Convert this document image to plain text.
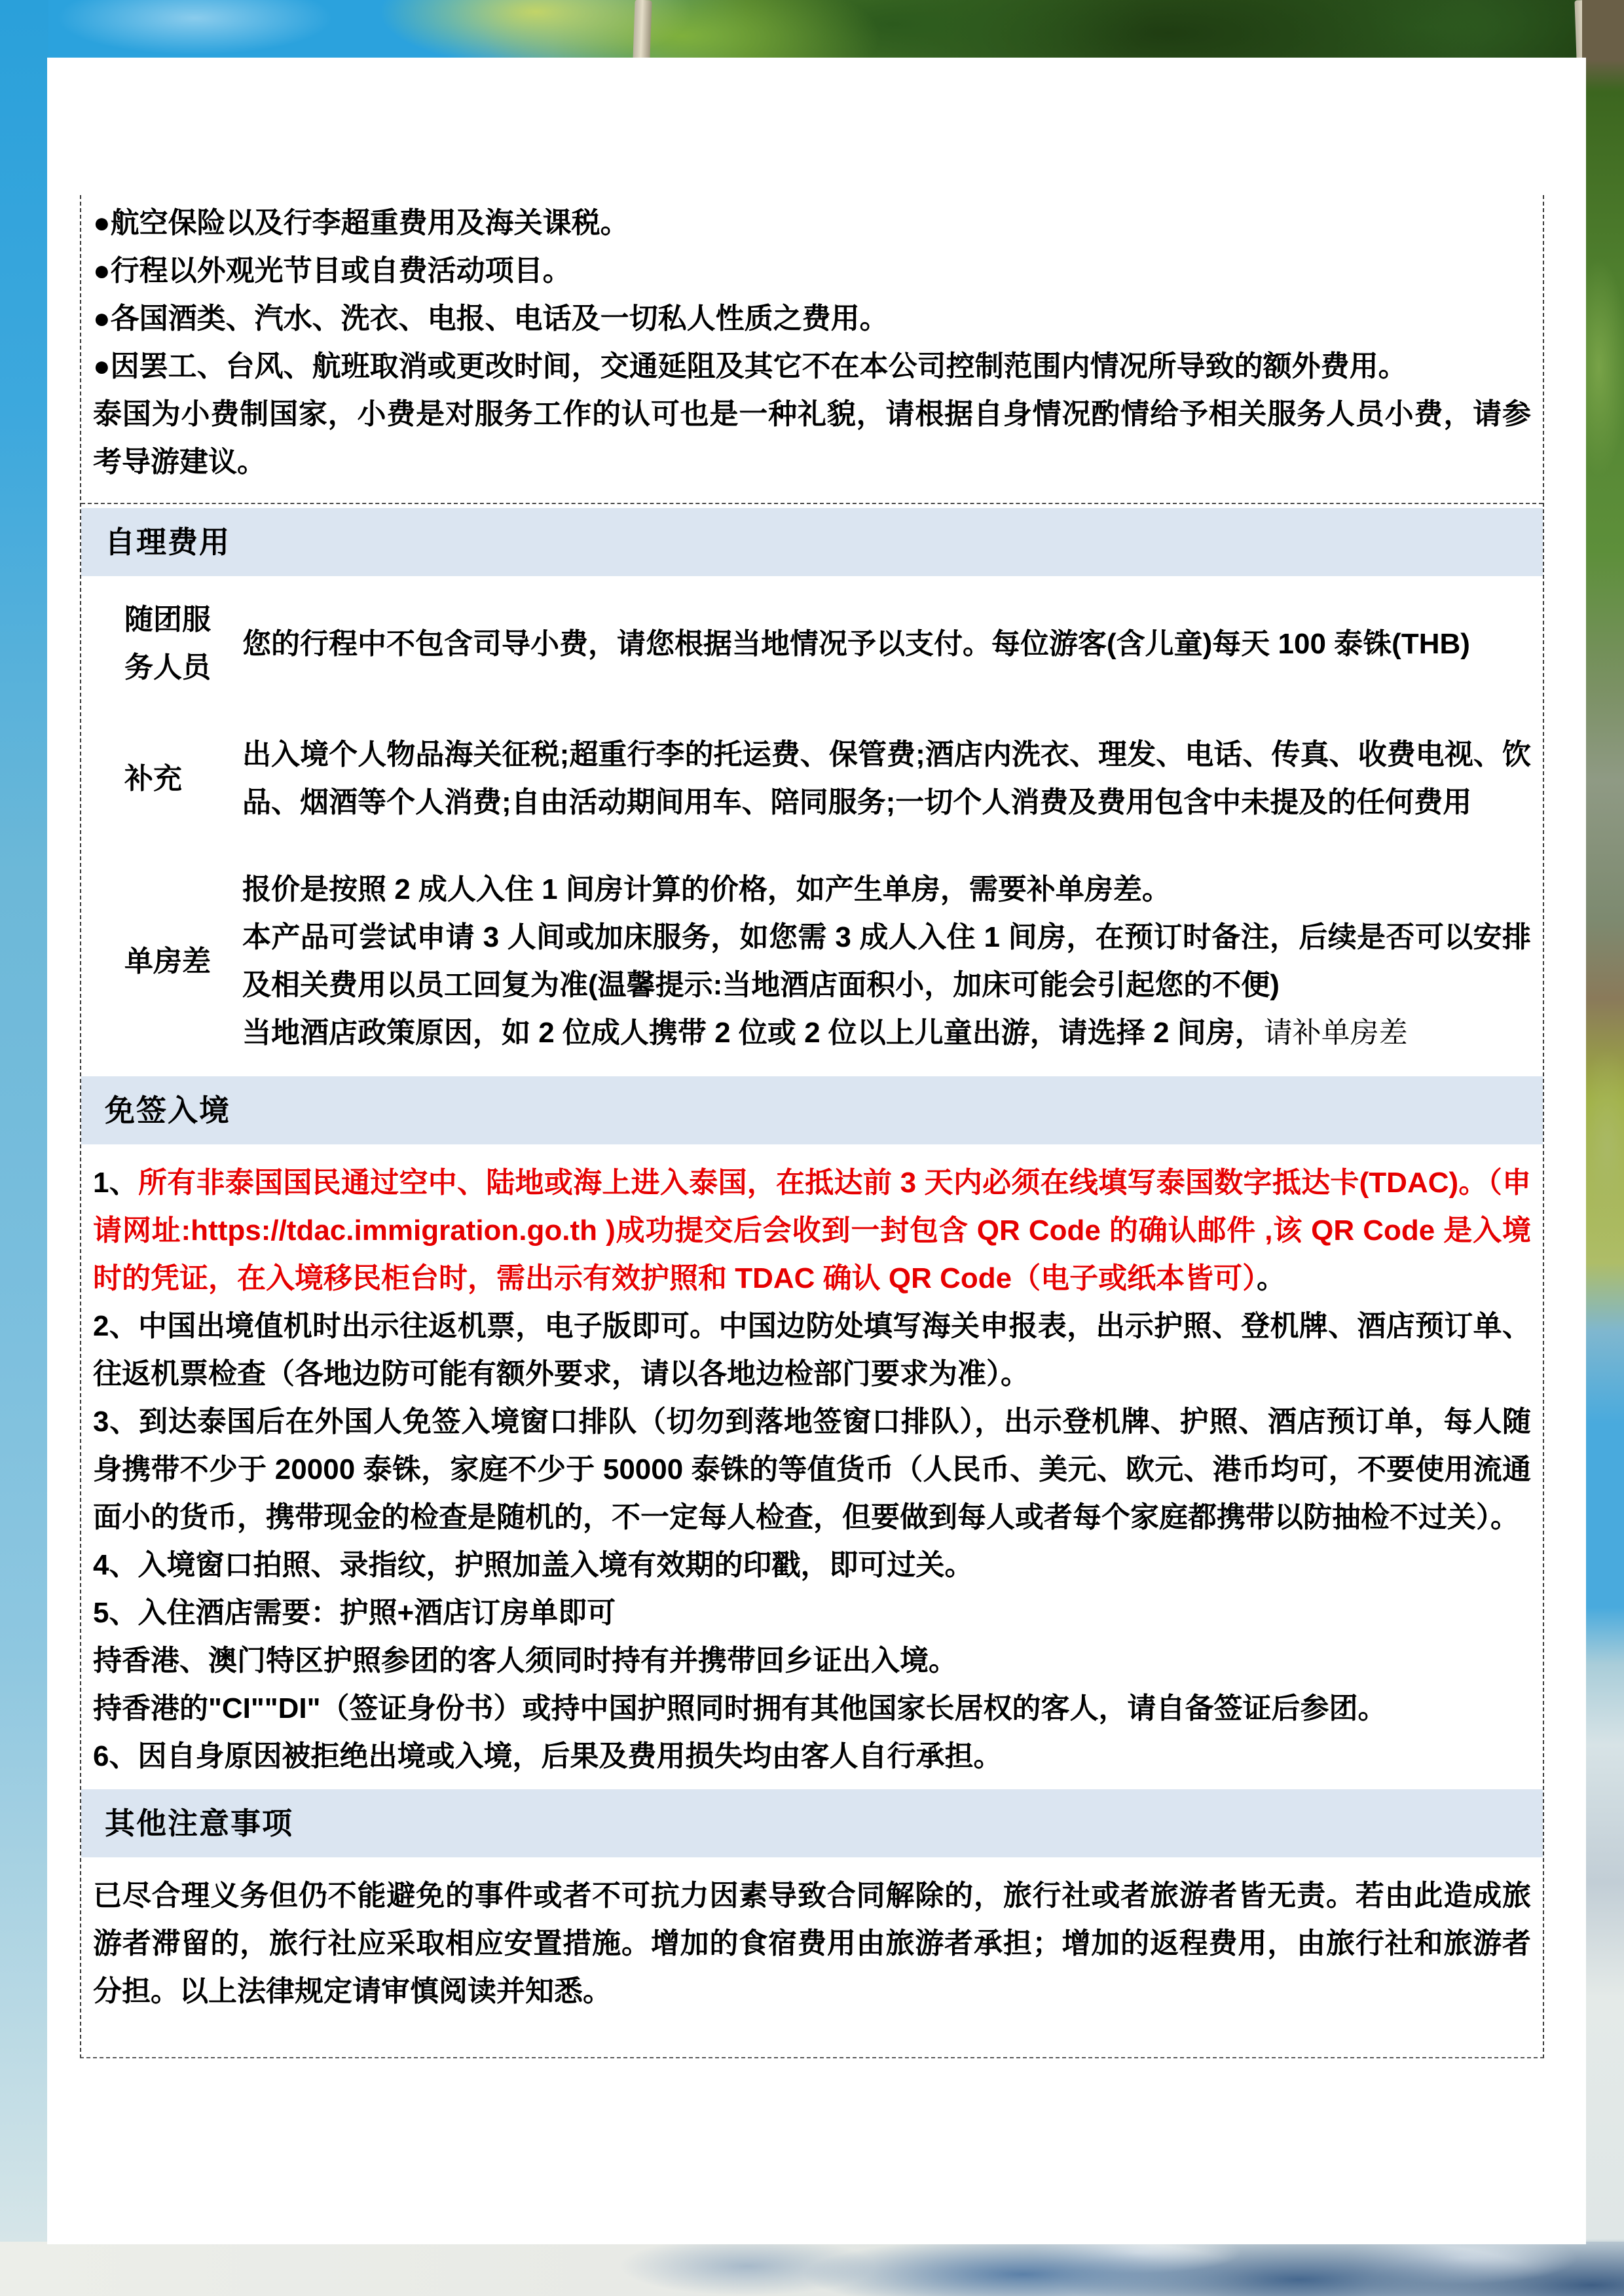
●航空保险以及行李超重费用及海关课税。

●行程以外观光节目或自费活动项目。

●各国酒类、汽水、洗衣、电报、电话及一切私人性质之费用。

●因罢工、台风、航班取消或更改时间，交通延阻及其它不在本公司控制范围内情况所导致的额外费用。

泰国为小费制国家，小费是对服务工作的认可也是一种礼貌，请根据自身情况酌情给予相关服务人员小费，请参考导游建议。

自理费用
随团服务人员

您的行程中不包含司导小费，请您根据当地情况予以支付。每位游客(含儿童)每天 100 泰铢(THB)

补充

出入境个人物品海关征税;超重行李的托运费、保管费;酒店内洗衣、理发、电话、传真、收费电视、饮品、烟酒等个人消费;自由活动期间用车、陪同服务;一切个人消费及费用包含中未提及的任何费用

单房差

报价是按照 2 成人入住 1 间房计算的价格，如产生单房，需要补单房差。

本产品可尝试申请 3 人间或加床服务，如您需 3 成人入住 1 间房，在预订时备注，后续是否可以安排及相关费用以员工回复为准(温馨提示:当地酒店面积小，加床可能会引起您的不便)

当地酒店政策原因，如 2 位成人携带 2 位或 2 位以上儿童出游，请选择 2 间房，请补单房差

免签入境

1、所有非泰国国民通过空中、陆地或海上进入泰国，在抵达前 3 天内必须在线填写泰国数字抵达卡(TDAC)。（申请网址:https://tdac.immigration.go.th )成功提交后会收到一封包含 QR Code 的确认邮件 ,该 QR Code 是入境时的凭证，在入境移民柜台时，需出示有效护照和 TDAC 确认 QR Code（电子或纸本皆可）。

2、中国出境值机时出示往返机票，电子版即可。中国边防处填写海关申报表，出示护照、登机牌、酒店预订单、往返机票检查（各地边防可能有额外要求，请以各地边检部门要求为准）。

3、到达泰国后在外国人免签入境窗口排队（切勿到落地签窗口排队），出示登机牌、护照、酒店预订单，每人随身携带不少于 20000 泰铢，家庭不少于 50000 泰铢的等值货币（人民币、美元、欧元、港币均可，不要使用流通面小的货币，携带现金的检查是随机的，不一定每人检查，但要做到每人或者每个家庭都携带以防抽检不过关）。

4、入境窗口拍照、录指纹，护照加盖入境有效期的印戳，即可过关。

5、入住酒店需要：护照+酒店订房单即可

持香港、澳门特区护照参团的客人须同时持有并携带回乡证出入境。

持香港的"CI""DI"（签证身份书）或持中国护照同时拥有其他国家长居权的客人，请自备签证后参团。

6、因自身原因被拒绝出境或入境，后果及费用损失均由客人自行承担。

其他注意事项

已尽合理义务但仍不能避免的事件或者不可抗力因素导致合同解除的，旅行社或者旅游者皆无责。若由此造成旅游者滞留的，旅行社应采取相应安置措施。增加的食宿费用由旅游者承担；增加的返程费用，由旅行社和旅游者分担。以上法律规定请审慎阅读并知悉。
